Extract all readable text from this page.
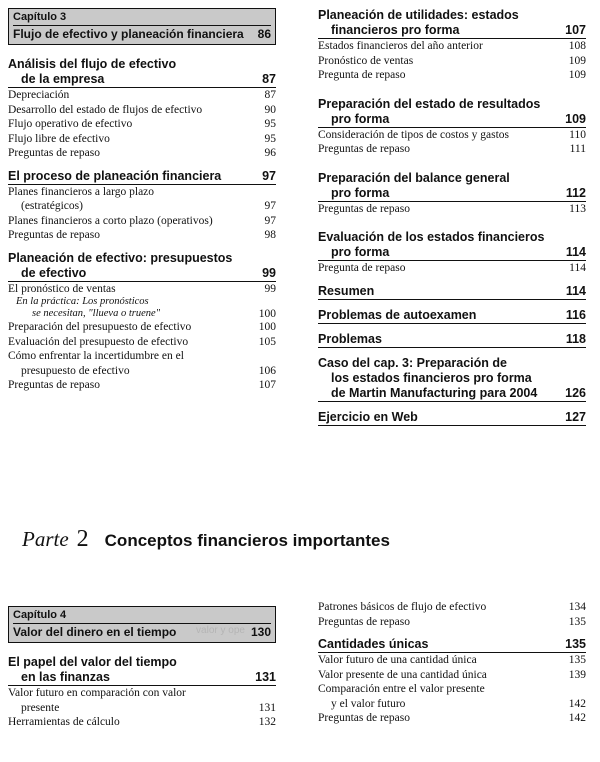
Capítulo 3
Flujo de efectivo y planeación financiera 86
Análisis del flujo de efectivo
de la empresa	87
Depreciación	87
Desarrollo del estado de flujos de efectivo	90
Flujo operativo de efectivo	95
Flujo libre de efectivo	95
Preguntas de repaso	96
El proceso de planeación financiera	97
Planes financieros a largo plazo
(estratégicos)	97
Planes financieros a corto plazo (operativos)	97
Preguntas de repaso	98
Planeación de efectivo: presupuestos
de efectivo	99
El pronóstico de ventas	99
En la práctica: Los pronósticos
se necesitan, "llueva o truene"	100
Preparación del presupuesto de efectivo	100
Evaluación del presupuesto de efectivo	105
Cómo enfrentar la incertidumbre en el
presupuesto de efectivo	106
Preguntas de repaso	107
Planeación de utilidades: estados
financieros pro forma	107
Estados financieros del año anterior	108
Pronóstico de ventas	109
Pregunta de repaso	109
Preparación del estado de resultados
pro forma	109
Consideración de tipos de costos y gastos	110
Preguntas de repaso	111
Preparación del balance general
pro forma	112
Preguntas de repaso	113
Evaluación de los estados financieros
pro forma	114
Pregunta de repaso	114
Resumen	114
Problemas de autoexamen	116
Problemas	118
Caso del cap. 3: Preparación de
los estados financieros pro forma
de Martin Manufacturing para 2004 126
Ejercicio en Web	127
Parte 2 Conceptos financieros importantes
Capítulo 4
Valor del dinero en el tiempo valor y ope 130
El papel del valor del tiempo
en las finanzas	131
Valor futuro en comparación con valor
presente	131
Herramientas de cálculo	132
Patrones básicos de flujo de efectivo	134
Preguntas de repaso	135
Cantidades únicas	135
Valor futuro de una cantidad única	135
Valor presente de una cantidad única	139
Comparación entre el valor presente
y el valor futuro	142
Preguntas de repaso	142
